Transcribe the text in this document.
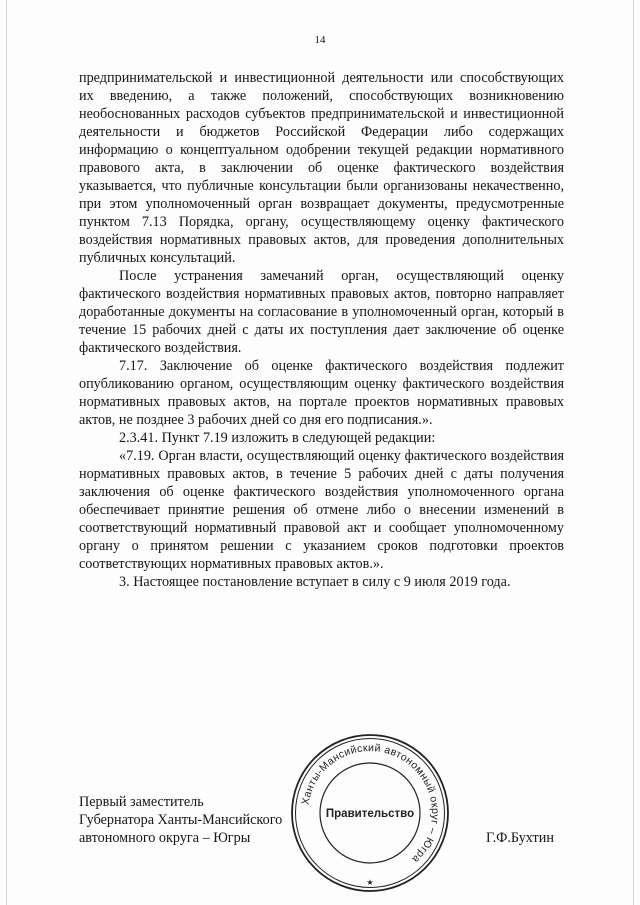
14

предпринимательской и инвестиционной деятельности или способствующих их введению, а также положений, способствующих возникновению необоснованных расходов субъектов предпринимательской и инвестиционной деятельности и бюджетов Российской Федерации либо содержащих информацию о концептуальном одобрении текущей редакции нормативного правового акта, в заключении об оценке фактического воздействия указывается, что публичные консультации были организованы некачественно, при этом уполномоченный орган возвращает документы, предусмотренные пунктом 7.13 Порядка, органу, осуществляющему оценку фактического воздействия нормативных правовых актов, для проведения дополнительных публичных консультаций.

После устранения замечаний орган, осуществляющий оценку фактического воздействия нормативных правовых актов, повторно направляет доработанные документы на согласование в уполномоченный орган, который в течение 15 рабочих дней с даты их поступления дает заключение об оценке фактического воздействия.

7.17. Заключение об оценке фактического воздействия подлежит опубликованию органом, осуществляющим оценку фактического воздействия нормативных правовых актов, на портале проектов нормативных правовых актов, не позднее 3 рабочих дней со дня его подписания.».

2.3.41. Пункт 7.19 изложить в следующей редакции:

«7.19. Орган власти, осуществляющий оценку фактического воздействия нормативных правовых актов, в течение 5 рабочих дней с даты получения заключения об оценке фактического воздействия уполномоченного органа обеспечивает принятие решения об отмене либо о внесении изменений в соответствующий нормативный правовой акт и сообщает уполномоченному органу о принятом решении с указанием сроков подготовки проектов соответствующих нормативных правовых актов.».

3. Настоящее постановление вступает в силу с 9 июля 2019 года.

Первый заместитель
Губернатора Ханты-Мансийского
автономного округа – Югры	Г.Ф.Бухтин
Ханты-Мансийский автономный округ – Югра
Правительство
★
